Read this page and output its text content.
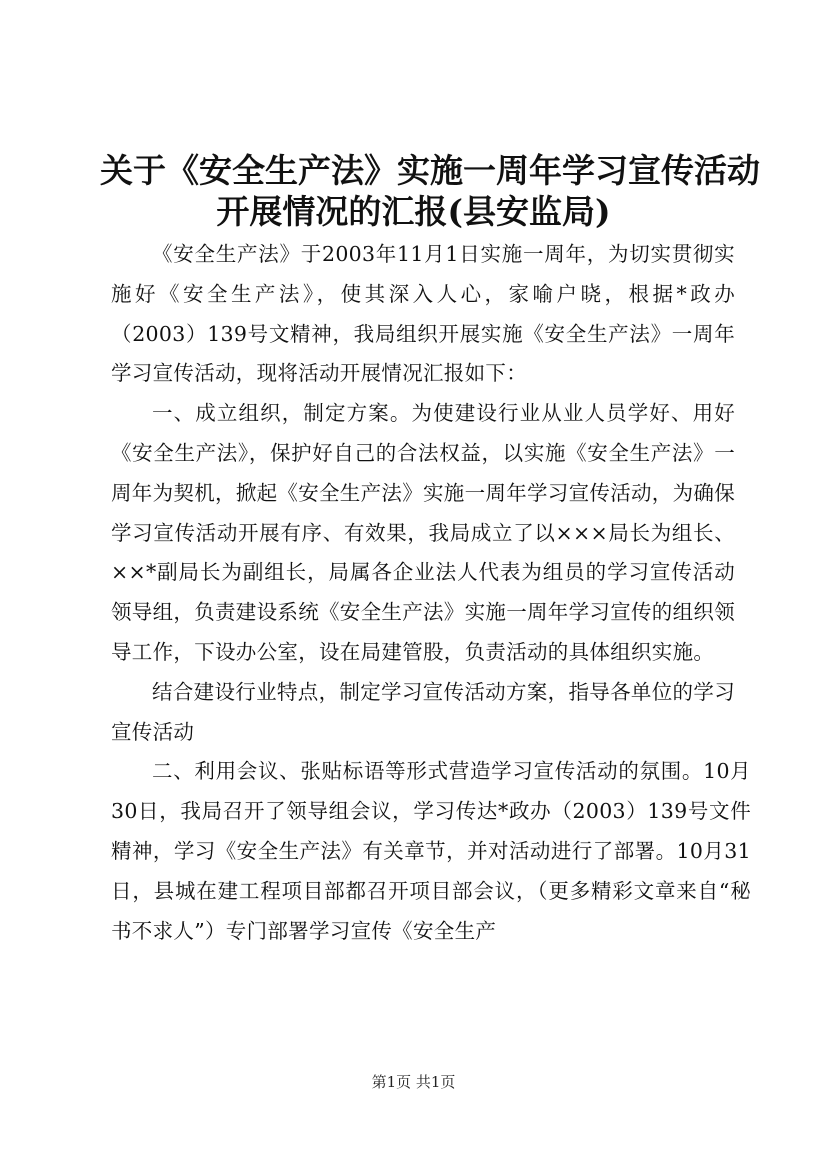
关于《安全生产法》实施一周年学习宣传活动
开展情况的汇报(县安监局)

《安全生产法》于2003年11月1日实施一周年，为切实贯彻实施好《安全生产法》，使其深入人心，家喻户晓，根据*政办（2003）139号文精神，我局组织开展实施《安全生产法》一周年学习宣传活动，现将活动开展情况汇报如下：

一、成立组织，制定方案。为使建设行业从业人员学好、用好《安全生产法》，保护好自己的合法权益，以实施《安全生产法》一周年为契机，掀起《安全生产法》实施一周年学习宣传活动，为确保学习宣传活动开展有序、有效果，我局成立了以×××局长为组长、××*副局长为副组长，局属各企业法人代表为组员的学习宣传活动领导组，负责建设系统《安全生产法》实施一周年学习宣传的组织领导工作，下设办公室，设在局建管股，负责活动的具体组织实施。

结合建设行业特点，制定学习宣传活动方案，指导各单位的学习宣传活动

二、利用会议、张贴标语等形式营造学习宣传活动的氛围。10月30日，我局召开了领导组会议，学习传达*政办（2003）139号文件精神，学习《安全生产法》有关章节，并对活动进行了部署。10月31日，县城在建工程项目部都召开项目部会议，（更多精彩文章来自“秘书不求人”）专门部署学习宣传《安全生产

第1页 共1页
